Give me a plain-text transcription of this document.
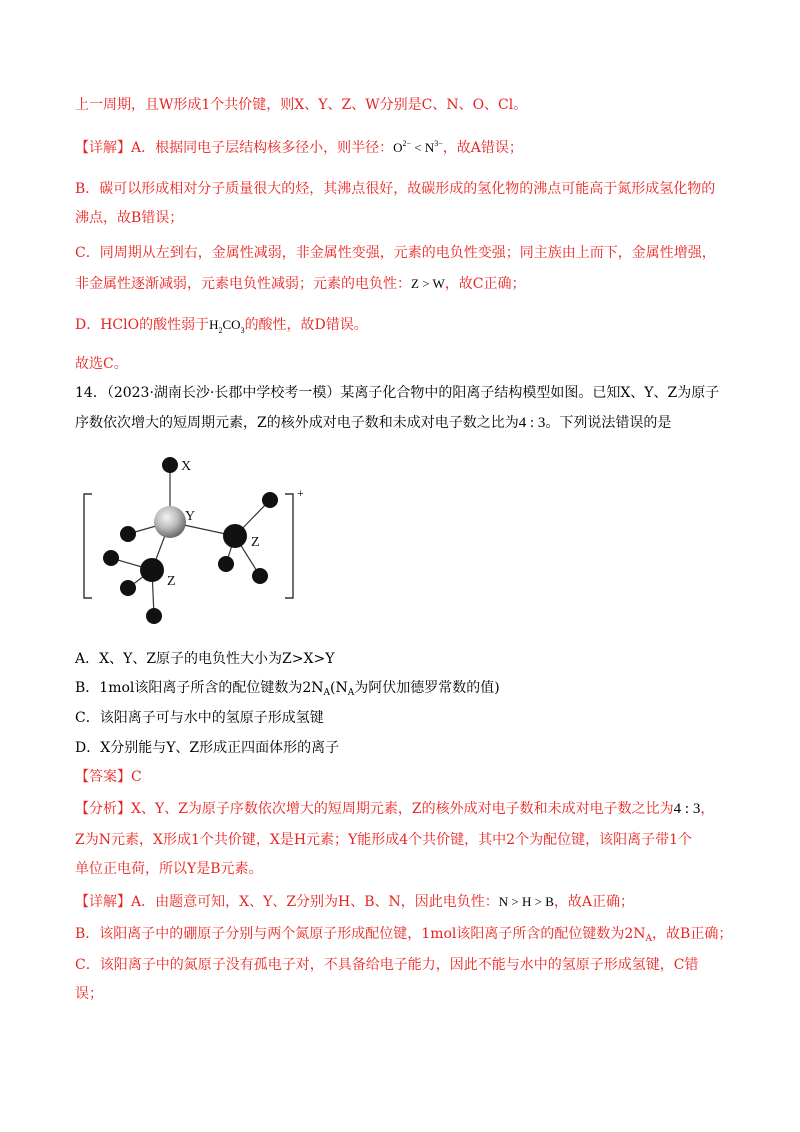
上一周期，且W形成1个共价键，则X、Y、Z、W分别是C、N、O、Cl。
【详解】A．根据同电子层结构核多径小，则半径：$O^{2-} < N^{3-}$，故A错误；
B．碳可以形成相对分子质量很大的烃，其沸点很好，故碳形成的氢化物的沸点可能高于氮形成氢化物的
沸点，故B错误；
C．同周期从左到右，金属性减弱，非金属性变强，元素的电负性变强；同主族由上而下，金属性增强，
非金属性逐渐减弱，元素电负性减弱；元素的电负性：Z > W，故C正确；
D．HClO的酸性弱于$H_2CO_3$的酸性，故D错误。
故选C。
14．（2023·湖南长沙·长郡中学校考一模）某离子化合物中的阳离子结构模型如图。已知X、Y、Z为原子
序数依次增大的短周期元素，Z的核外成对电子数和未成对电子数之比为4 : 3。下列说法错误的是
+
X
Y
Z
Z
A．X、Y、Z原子的电负性大小为Z>X>Y
B．1mol该阳离子所含的配位键数为$2N_A(N_A$为阿伏加德罗常数的值)
C．该阳离子可与水中的氢原子形成氢键
D．X分别能与Y、Z形成正四面体形的离子
【答案】C
【分析】X、Y、Z为原子序数依次增大的短周期元素，Z的核外成对电子数和未成对电子数之比为4 : 3，
Z为N元素，X形成1个共价键，X是H元素；Y能形成4个共价键，其中2个为配位键，该阳离子带1个
单位正电荷，所以Y是B元素。
【详解】A．由题意可知，X、Y、Z分别为H、B、N，因此电负性：N > H > B，故A正确；
B．该阳离子中的硼原子分别与两个氮原子形成配位键，1mol该阳离子所含的配位键数为$2N_A$，故B正确；
C．该阳离子中的氮原子没有孤电子对，不具备给电子能力，因此不能与水中的氢原子形成氢键，C错
误；
